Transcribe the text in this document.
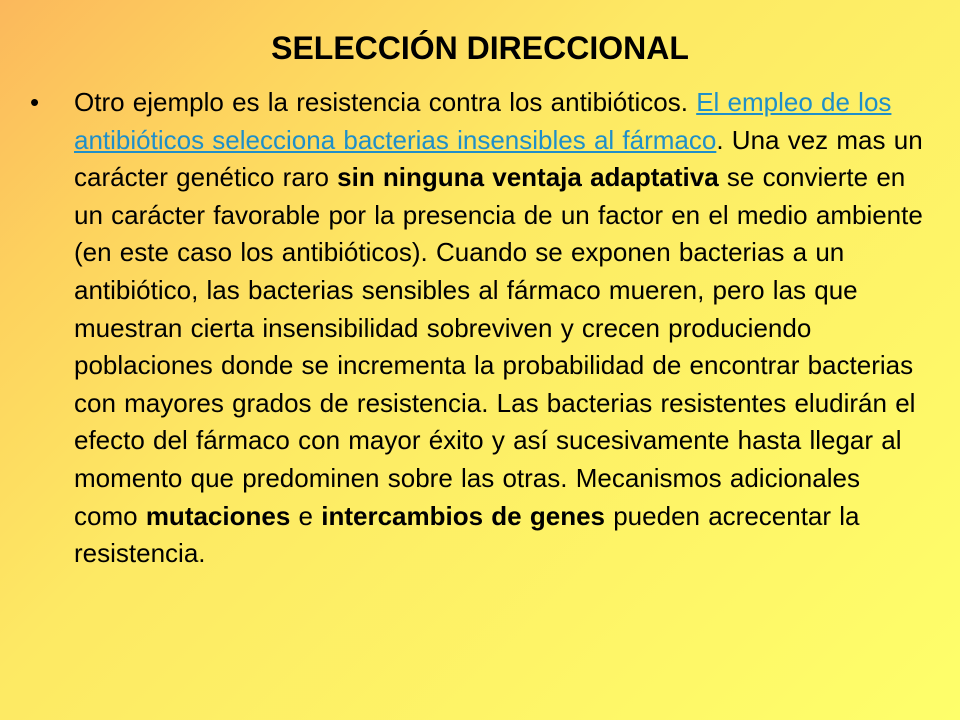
SELECCIÓN DIRECCIONAL
• Otro ejemplo es la resistencia contra los antibióticos. El empleo de los antibióticos selecciona bacterias insensibles al fármaco. Una vez mas un carácter genético raro sin ninguna ventaja adaptativa se convierte en un carácter favorable por la presencia de un factor en el medio ambiente (en este caso los antibióticos). Cuando se exponen bacterias a un antibiótico, las bacterias sensibles al fármaco mueren, pero las que muestran cierta insensibilidad sobreviven y crecen produciendo poblaciones donde se incrementa la probabilidad de encontrar bacterias con mayores grados de resistencia. Las bacterias resistentes eludirán el efecto del fármaco con mayor éxito y así sucesivamente hasta llegar al momento que predominen sobre las otras. Mecanismos adicionales como mutaciones e intercambios de genes pueden acrecentar la resistencia.
